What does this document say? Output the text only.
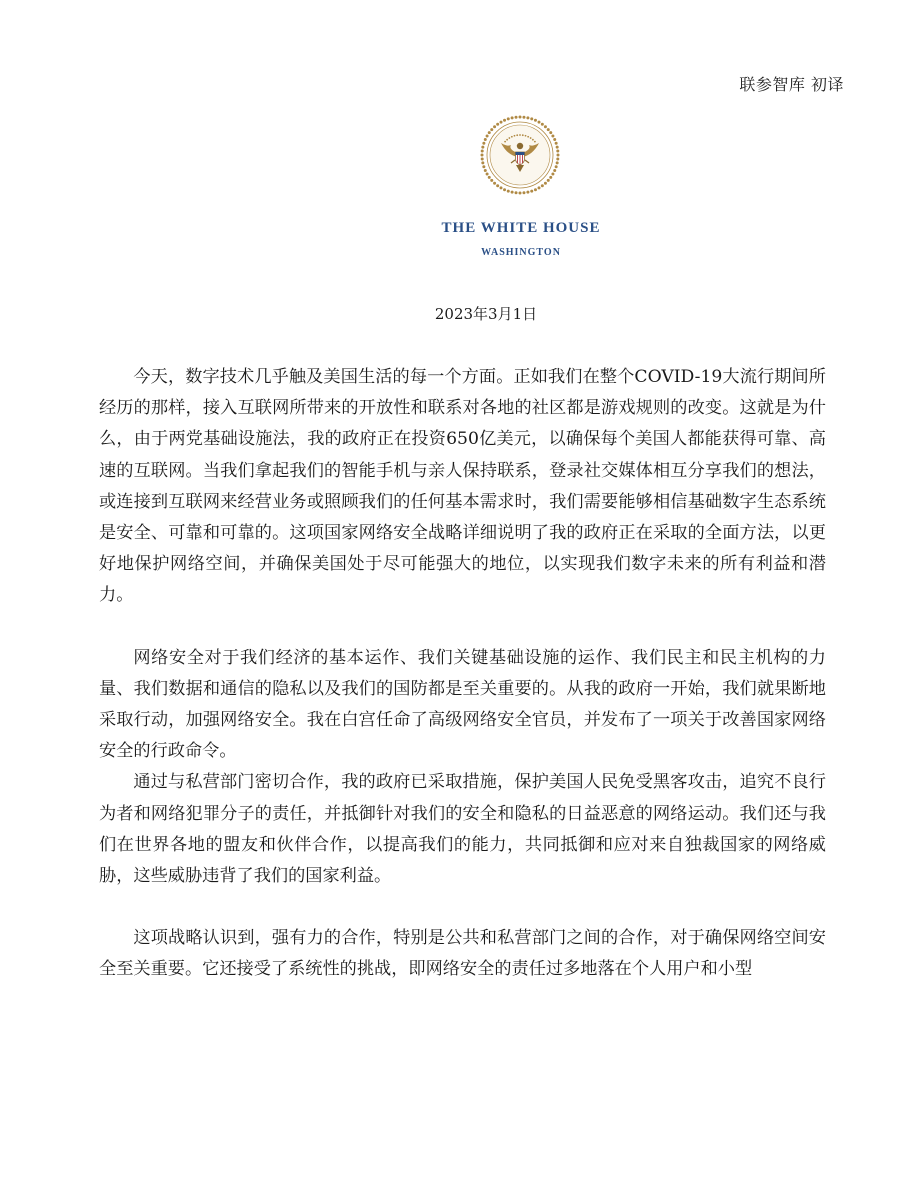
联参智库 初译
THE WHITE HOUSE
WASHINGTON
2023年3月1日

今天，数字技术几乎触及美国生活的每一个方面。正如我们在整个COVID-19大流行期间所经历的那样，接入互联网所带来的开放性和联系对各地的社区都是游戏规则的改变。这就是为什么，由于两党基础设施法，我的政府正在投资650亿美元，以确保每个美国人都能获得可靠、高速的互联网。当我们拿起我们的智能手机与亲人保持联系，登录社交媒体相互分享我们的想法，或连接到互联网来经营业务或照顾我们的任何基本需求时，我们需要能够相信基础数字生态系统是安全、可靠和可靠的。这项国家网络安全战略详细说明了我的政府正在采取的全面方法，以更好地保护网络空间，并确保美国处于尽可能强大的地位，以实现我们数字未来的所有利益和潜力。

网络安全对于我们经济的基本运作、我们关键基础设施的运作、我们民主和民主机构的力量、我们数据和通信的隐私以及我们的国防都是至关重要的。从我的政府一开始，我们就果断地采取行动，加强网络安全。我在白宫任命了高级网络安全官员，并发布了一项关于改善国家网络安全的行政命令。

通过与私营部门密切合作，我的政府已采取措施，保护美国人民免受黑客攻击，追究不良行为者和网络犯罪分子的责任，并抵御针对我们的安全和隐私的日益恶意的网络运动。我们还与我们在世界各地的盟友和伙伴合作，以提高我们的能力，共同抵御和应对来自独裁国家的网络威胁，这些威胁违背了我们的国家利益。

这项战略认识到，强有力的合作，特别是公共和私营部门之间的合作，对于确保网络空间安全至关重要。它还接受了系统性的挑战，即网络安全的责任过多地落在个人用户和小型
